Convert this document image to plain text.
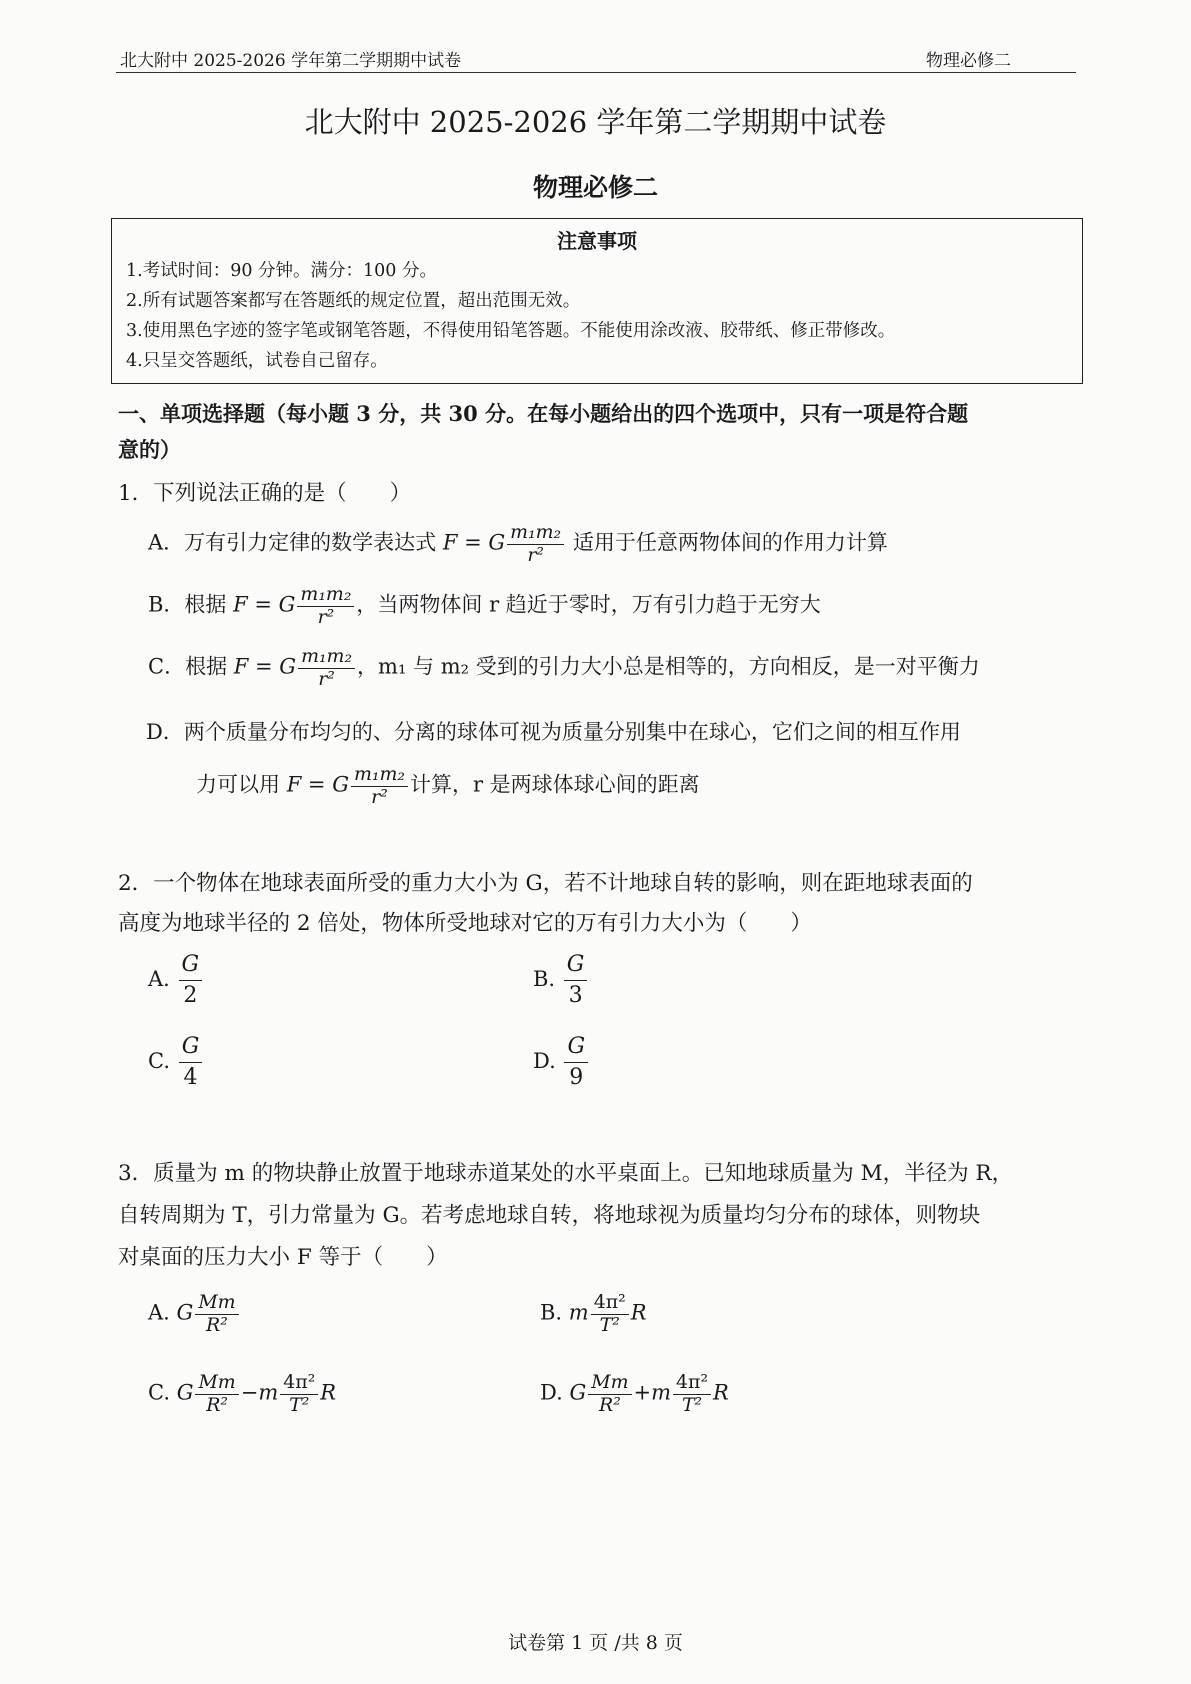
北大附中 2025-2026 学年第二学期期中试卷	物理必修二
北大附中 2025-2026 学年第二学期期中试卷
物理必修二
注意事项
1.考试时间：90 分钟。满分：100 分。
2.所有试题答案都写在答题纸的规定位置，超出范围无效。
3.使用黑色字迹的签字笔或钢笔答题，不得使用铅笔答题。不能使用涂改液、胶带纸、修正带修改。
4.只呈交答题纸，试卷自己留存。
一、单项选择题（每小题 3 分，共 30 分。在每小题给出的四个选项中，只有一项是符合题
意的）
1．下列说法正确的是（　　）
A．万有引力定律的数学表达式 F = G $\frac{\text{m₁m₂}}{\text{r²}}$ 适用于任意两物体间的作用力计算
B．根据 F = G $\frac{\text{m₁m₂}}{\text{r²}}$ ，当两物体间 r 趋近于零时，万有引力趋于无穷大
C．根据 F = G $\frac{\text{m₁m₂}}{\text{r²}}$ ，m₁ 与 m₂ 受到的引力大小总是相等的，方向相反，是一对平衡力
D．两个质量分布均匀的、分离的球体可视为质量分别集中在球心，它们之间的相互作用
力可以用 F = G $\frac{\text{m₁m₂}}{\text{r²}}$ 计算，r 是两球体球心间的距离
2．一个物体在地球表面所受的重力大小为 G，若不计地球自转的影响，则在距地球表面的
高度为地球半径的 2 倍处，物体所受地球对它的万有引力大小为（　　）
A. $\frac{G}{2}$	B. $\frac{G}{3}$
C. $\frac{G}{4}$	D. $\frac{G}{9}$
3．质量为 m 的物块静止放置于地球赤道某处的水平桌面上。已知地球质量为 M，半径为 R，
自转周期为 T，引力常量为 G。若考虑地球自转，将地球视为质量均匀分布的球体，则物块
对桌面的压力大小 F 等于（　　）
A. G $\frac{Mm}{\text{R²}}$	B. m $\frac{\text{4π²}}{\text{T²}}$ R
C. G $\frac{Mm}{\text{R²}} -m \frac{\text{4π²}}{\text{T²}}$ R	D. G $\frac{Mm}{\text{R²}} +m \frac{\text{4π²}}{\text{T²}}$ R
试卷第 1 页 /共 8 页
